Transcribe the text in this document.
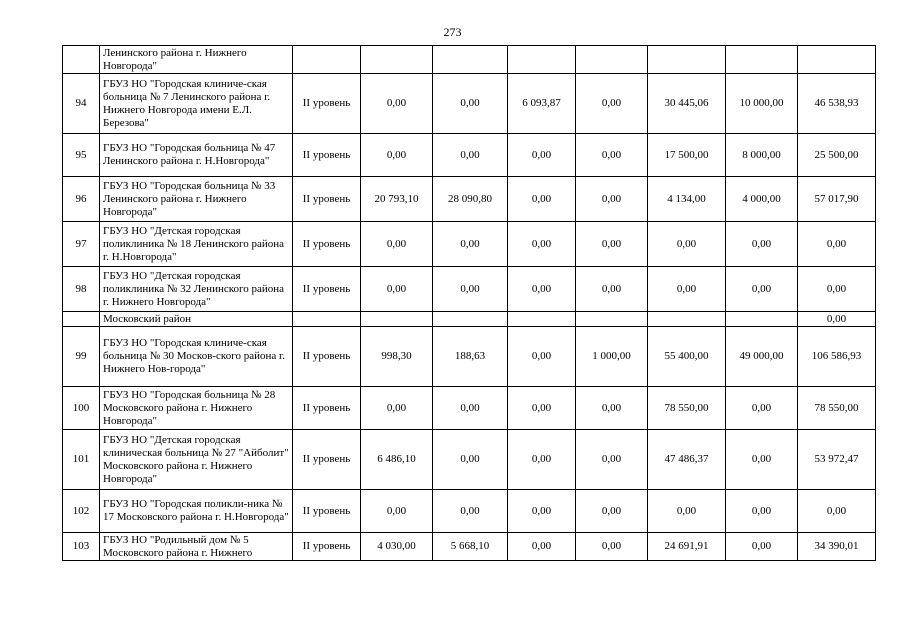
273
	Ленинского района г. Нижнего Новгорода"								
94	ГБУЗ НО "Городская клиниче-ская больница № 7 Ленинского района г. Нижнего Новгорода имени Е.Л. Березова"	II уровень	0,00	0,00	6 093,87	0,00	30 445,06	10 000,00	46 538,93
95	ГБУЗ НО "Городская больница № 47 Ленинского района г. Н.Новгорода"	II уровень	0,00	0,00	0,00	0,00	17 500,00	8 000,00	25 500,00
96	ГБУЗ НО "Городская больница № 33 Ленинского района г. Нижнего Новгорода"	II уровень	20 793,10	28 090,80	0,00	0,00	4 134,00	4 000,00	57 017,90
97	ГБУЗ НО "Детская городская поликлиника № 18 Ленинского района г. Н.Новгорода"	II уровень	0,00	0,00	0,00	0,00	0,00	0,00	0,00
98	ГБУЗ НО "Детская городская поликлиника № 32 Ленинского района г. Нижнего Новгорода"	II уровень	0,00	0,00	0,00	0,00	0,00	0,00	0,00
	Московский район								0,00
99	ГБУЗ НО "Городская клиниче-ская больница № 30 Москов-ского района г. Нижнего Нов-города"	II уровень	998,30	188,63	0,00	1 000,00	55 400,00	49 000,00	106 586,93
100	ГБУЗ НО "Городская больница № 28 Московского района г. Нижнего Новгорода"	II уровень	0,00	0,00	0,00	0,00	78 550,00	0,00	78 550,00
101	ГБУЗ НО "Детская городская клиническая больница № 27 "Айболит" Московского района г. Нижнего Новгорода"	II уровень	6 486,10	0,00	0,00	0,00	47 486,37	0,00	53 972,47
102	ГБУЗ НО "Городская поликли-ника № 17 Московского района г. Н.Новгорода"	II уровень	0,00	0,00	0,00	0,00	0,00	0,00	0,00
103	ГБУЗ НО "Родильный дом № 5 Московского района г. Нижнего	II уровень	4 030,00	5 668,10	0,00	0,00	24 691,91	0,00	34 390,01
